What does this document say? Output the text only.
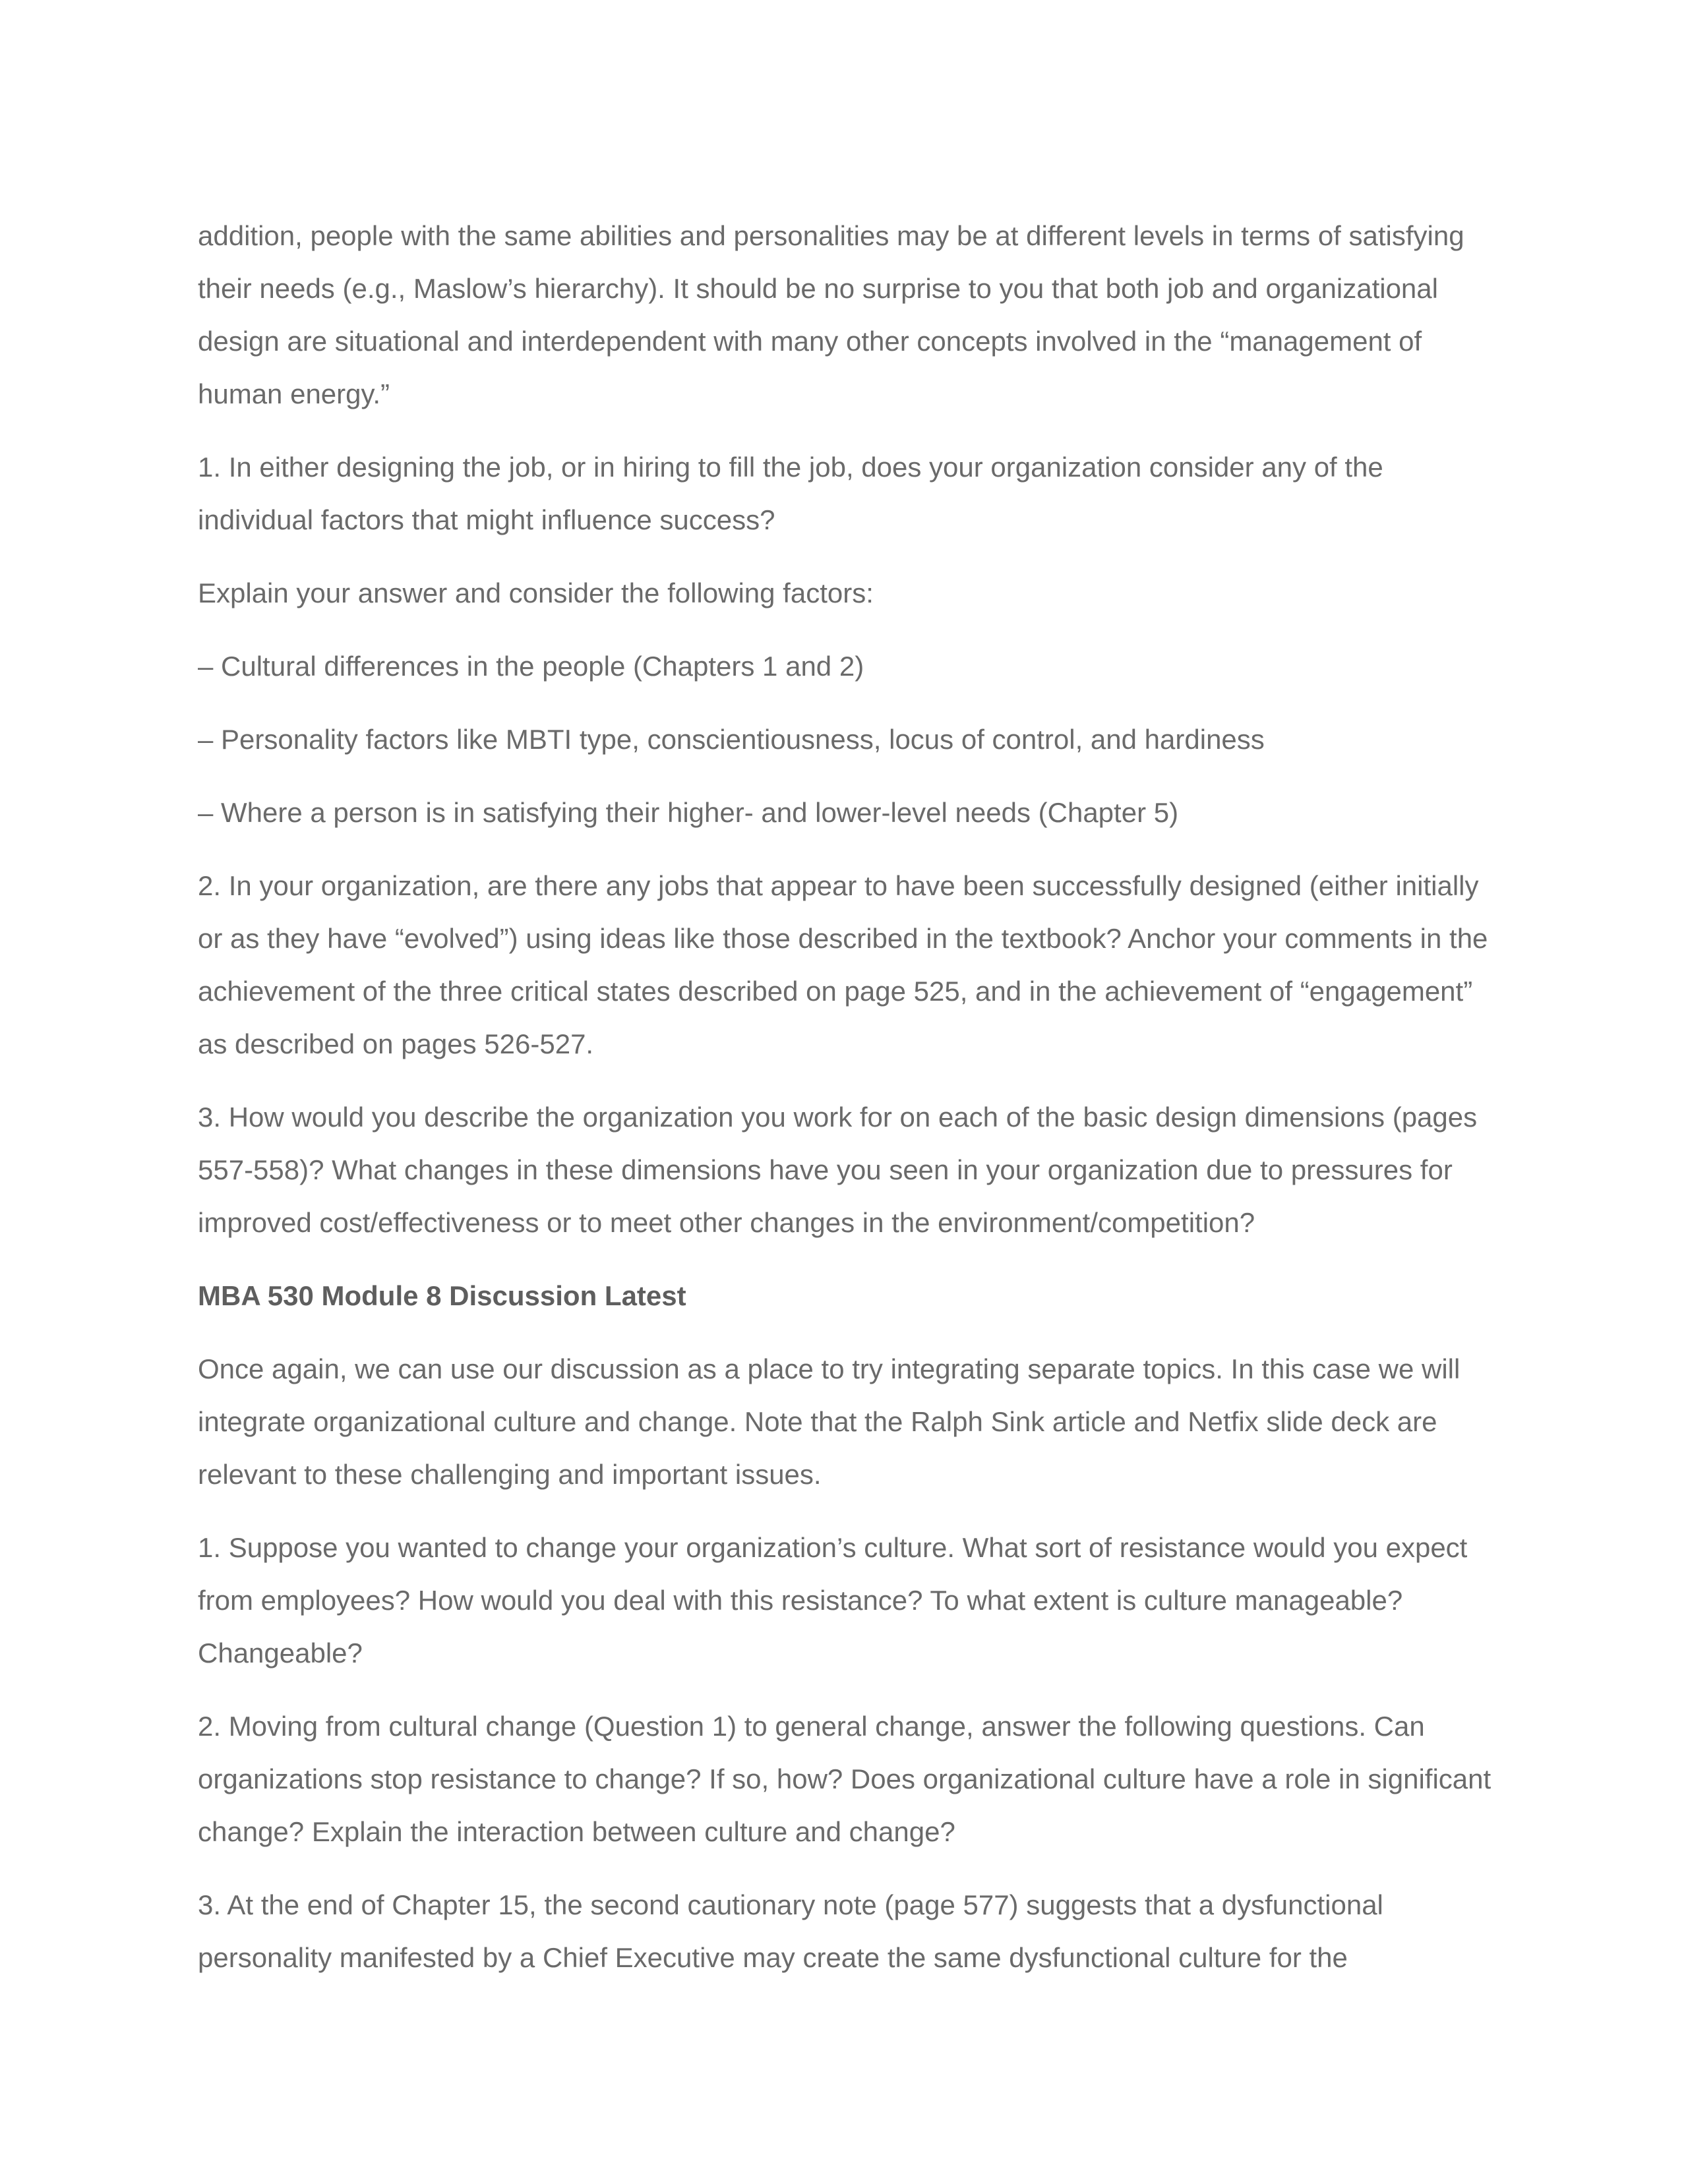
addition, people with the same abilities and personalities may be at different levels in terms of satisfying
their needs (e.g., Maslow’s hierarchy). It should be no surprise to you that both job and organizational
design are situational and interdependent with many other concepts involved in the “management of
human energy.”
1. In either designing the job, or in hiring to fill the job, does your organization consider any of the
individual factors that might influence success?
Explain your answer and consider the following factors:
– Cultural differences in the people (Chapters 1 and 2)
– Personality factors like MBTI type, conscientiousness, locus of control, and hardiness
– Where a person is in satisfying their higher- and lower-level needs (Chapter 5)
2. In your organization, are there any jobs that appear to have been successfully designed (either initially
or as they have “evolved”) using ideas like those described in the textbook? Anchor your comments in the
achievement of the three critical states described on page 525, and in the achievement of “engagement”
as described on pages 526-527.
3. How would you describe the organization you work for on each of the basic design dimensions (pages
557-558)? What changes in these dimensions have you seen in your organization due to pressures for
improved cost/effectiveness or to meet other changes in the environment/competition?
MBA 530 Module 8 Discussion Latest
Once again, we can use our discussion as a place to try integrating separate topics. In this case we will
integrate organizational culture and change. Note that the Ralph Sink article and Netfix slide deck are
relevant to these challenging and important issues.
1. Suppose you wanted to change your organization’s culture. What sort of resistance would you expect
from employees? How would you deal with this resistance? To what extent is culture manageable?
Changeable?
2. Moving from cultural change (Question 1) to general change, answer the following questions. Can
organizations stop resistance to change? If so, how? Does organizational culture have a role in significant
change? Explain the interaction between culture and change?
3. At the end of Chapter 15, the second cautionary note (page 577) suggests that a dysfunctional
personality manifested by a Chief Executive may create the same dysfunctional culture for the
